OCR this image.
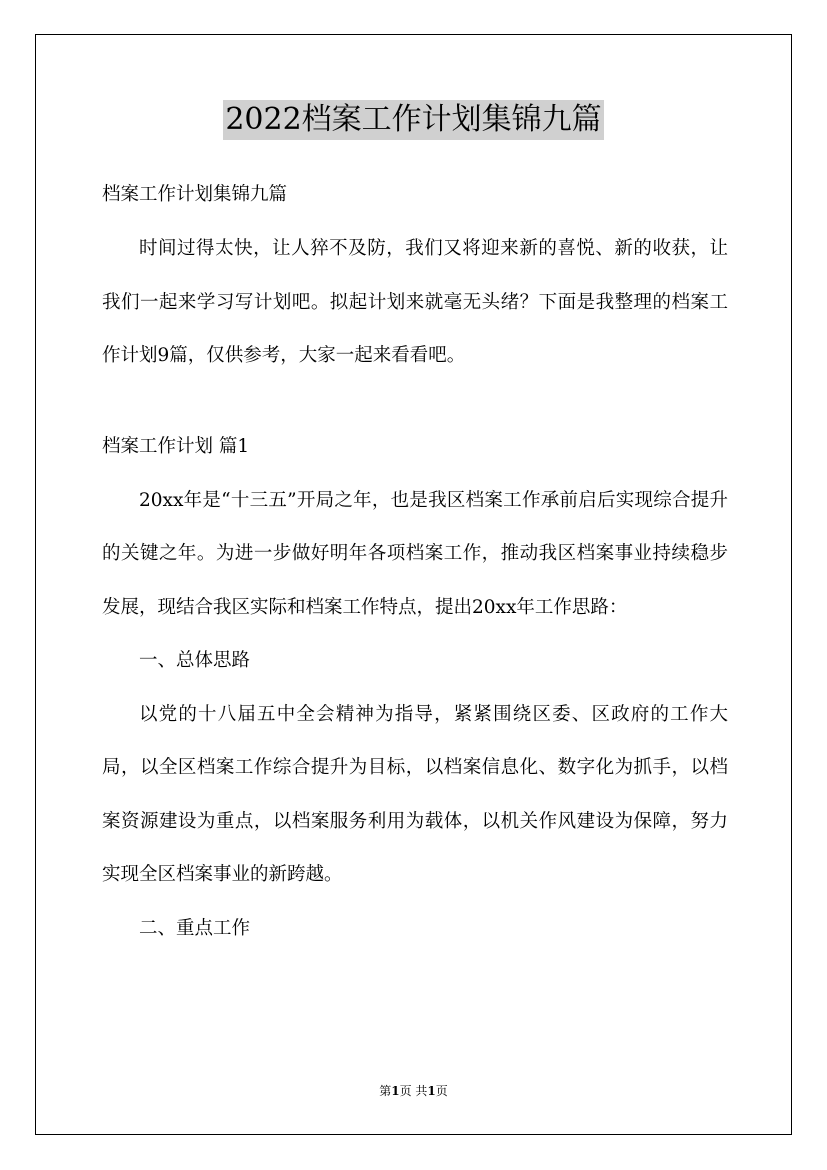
2022档案工作计划集锦九篇
档案工作计划集锦九篇

时间过得太快，让人猝不及防，我们又将迎来新的喜悦、新的收获，让我们一起来学习写计划吧。拟起计划来就毫无头绪？下面是我整理的档案工作计划9篇，仅供参考，大家一起来看看吧。

档案工作计划 篇1

20xx年是“十三五”开局之年，也是我区档案工作承前启后实现综合提升的关键之年。为进一步做好明年各项档案工作，推动我区档案事业持续稳步发展，现结合我区实际和档案工作特点，提出20xx年工作思路：

一、总体思路

以党的十八届五中全会精神为指导，紧紧围绕区委、区政府的工作大局，以全区档案工作综合提升为目标，以档案信息化、数字化为抓手，以档案资源建设为重点，以档案服务利用为载体，以机关作风建设为保障，努力实现全区档案事业的新跨越。

二、重点工作

第1页 共1页
